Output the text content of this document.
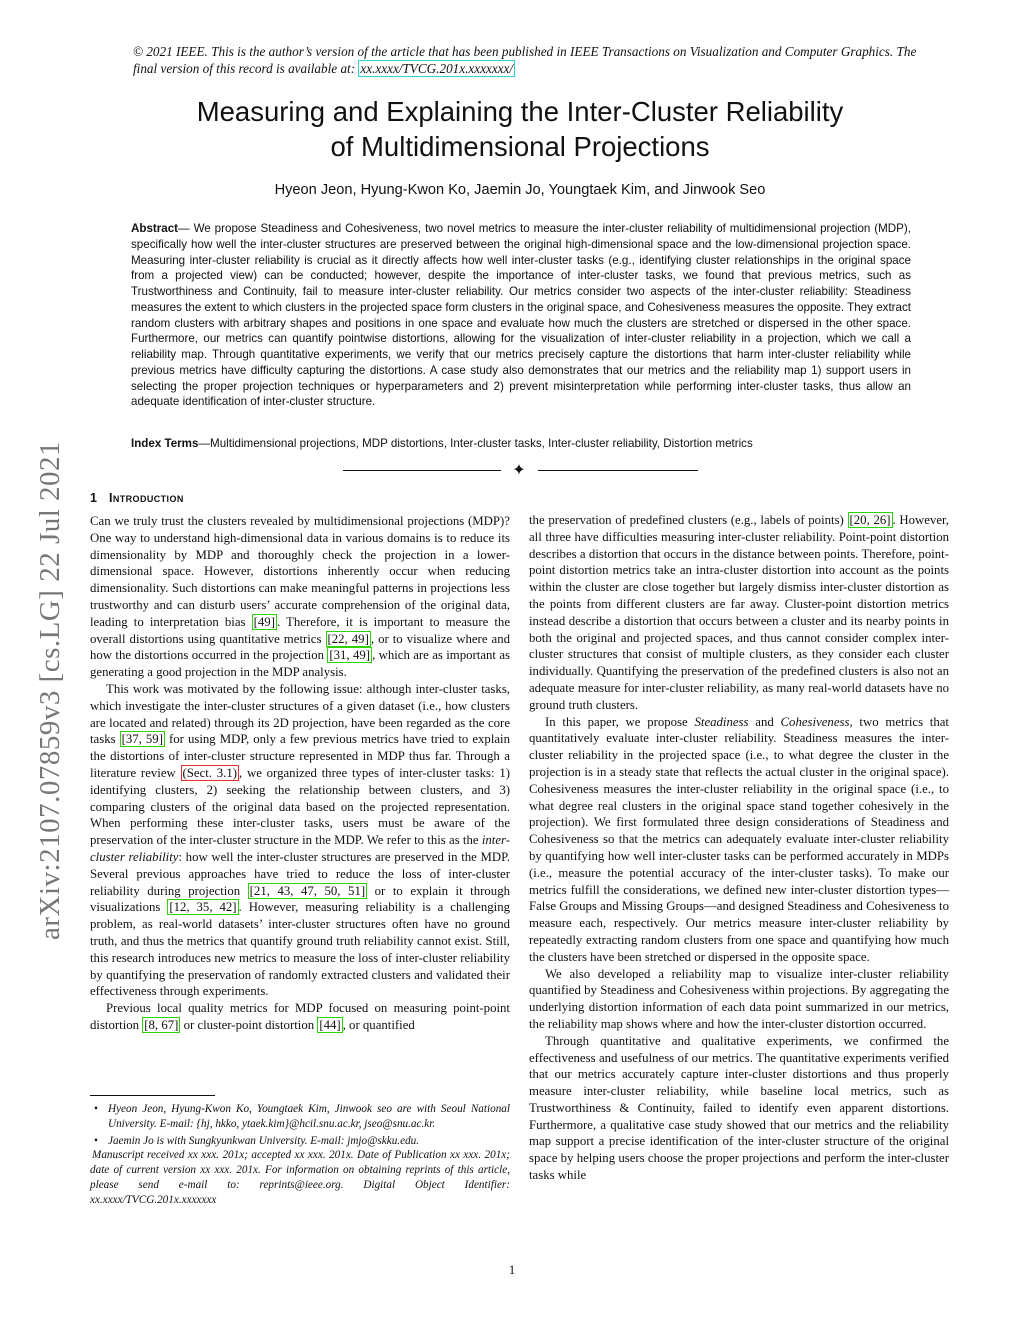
© 2021 IEEE. This is the author’s version of the article that has been published in IEEE Transactions on Visualization and Computer Graphics. The final version of this record is available at: xx.xxxx/TVCG.201x.xxxxxxx/
Measuring and Explaining the Inter-Cluster Reliability
of Multidimensional Projections
Hyeon Jeon, Hyung-Kwon Ko, Jaemin Jo, Youngtaek Kim, and Jinwook Seo
Abstract— We propose Steadiness and Cohesiveness, two novel metrics to measure the inter-cluster reliability of multidimensional projection (MDP), specifically how well the inter-cluster structures are preserved between the original high-dimensional space and the low-dimensional projection space. Measuring inter-cluster reliability is crucial as it directly affects how well inter-cluster tasks (e.g., identifying cluster relationships in the original space from a projected view) can be conducted; however, despite the importance of inter-cluster tasks, we found that previous metrics, such as Trustworthiness and Continuity, fail to measure inter-cluster reliability. Our metrics consider two aspects of the inter-cluster reliability: Steadiness measures the extent to which clusters in the projected space form clusters in the original space, and Cohesiveness measures the opposite. They extract random clusters with arbitrary shapes and positions in one space and evaluate how much the clusters are stretched or dispersed in the other space. Furthermore, our metrics can quantify pointwise distortions, allowing for the visualization of inter-cluster reliability in a projection, which we call a reliability map. Through quantitative experiments, we verify that our metrics precisely capture the distortions that harm inter-cluster reliability while previous metrics have difficulty capturing the distortions. A case study also demonstrates that our metrics and the reliability map 1) support users in selecting the proper projection techniques or hyperparameters and 2) prevent misinterpretation while performing inter-cluster tasks, thus allow an adequate identification of inter-cluster structure.
Index Terms—Multidimensional projections, MDP distortions, Inter-cluster tasks, Inter-cluster reliability, Distortion metrics
✦
arXiv:2107.07859v3 [cs.LG] 22 Jul 2021	1 Introduction

Can we truly trust the clusters revealed by multidimensional projections (MDP)? One way to understand high-dimensional data in various domains is to reduce its dimensionality by MDP and thoroughly check the projection in a lower-dimensional space. However, distortions inherently occur when reducing dimensionality. Such distortions can make meaningful patterns in projections less trustworthy and can disturb users’ accurate comprehension of the original data, leading to interpretation bias [49] . Therefore, it is important to measure the overall distortions using quantitative metrics [22, 49] , or to visualize where and how the distortions occurred in the projection [31, 49] , which are as important as generating a good projection in the MDP analysis.

This work was motivated by the following issue: although inter-cluster tasks, which investigate the inter-cluster structures of a given dataset (i.e., how clusters are located and related) through its 2D projection, have been regarded as the core tasks [37, 59] for using MDP, only a few previous metrics have tried to explain the distortions of inter-cluster structure represented in MDP thus far. Through a literature review (Sect. 3.1) , we organized three types of inter-cluster tasks: 1) identifying clusters, 2) seeking the relationship between clusters, and 3) comparing clusters of the original data based on the projected representation. When performing these inter-cluster tasks, users must be aware of the preservation of the inter-cluster structure in the MDP. We refer to this as the inter-cluster reliability: how well the inter-cluster structures are preserved in the MDP. Several previous approaches have tried to reduce the loss of inter-cluster reliability during projection [21, 43, 47, 50, 51] or to explain it through visualizations [12, 35, 42] . However, measuring reliability is a challenging problem, as real-world datasets’ inter-cluster structures often have no ground truth, and thus the metrics that quantify ground truth reliability cannot exist. Still, this research introduces new metrics to measure the loss of inter-cluster reliability by quantifying the preservation of randomly extracted clusters and validated their effectiveness through experiments.

Previous local quality metrics for MDP focused on measuring point-point distortion [8, 67] or cluster-point distortion [44] , or quantified

• Hyeon Jeon, Hyung-Kwon Ko, Youngtaek Kim, Jinwook seo are with Seoul National University. E-mail: {hj, hkko, ytaek.kim}@hcil.snu.ac.kr, jseo@snu.ac.kr.
• Jaemin Jo is with Sungkyunkwan University. E-mail: jmjo@skku.edu.
Manuscript received xx xxx. 201x; accepted xx xxx. 201x. Date of Publication xx xxx. 201x; date of current version xx xxx. 201x. For information on obtaining reprints of this article, please send e-mail to: reprints@ieee.org. Digital Object Identifier: xx.xxxx/TVCG.201x.xxxxxxx

the preservation of predefined clusters (e.g., labels of points) [20, 26] . However, all three have difficulties measuring inter-cluster reliability. Point-point distortion describes a distortion that occurs in the distance between points. Therefore, point-point distortion metrics take an intra-cluster distortion into account as the points within the cluster are close together but largely dismiss inter-cluster distortion as the points from different clusters are far away. Cluster-point distortion metrics instead describe a distortion that occurs between a cluster and its nearby points in both the original and projected spaces, and thus cannot consider complex inter-cluster structures that consist of multiple clusters, as they consider each cluster individually. Quantifying the preservation of the predefined clusters is also not an adequate measure for inter-cluster reliability, as many real-world datasets have no ground truth clusters.

In this paper, we propose Steadiness and Cohesiveness, two metrics that quantitatively evaluate inter-cluster reliability. Steadiness measures the inter-cluster reliability in the projected space (i.e., to what degree the cluster in the projection is in a steady state that reflects the actual cluster in the original space). Cohesiveness measures the inter-cluster reliability in the original space (i.e., to what degree real clusters in the original space stand together cohesively in the projection). We first formulated three design considerations of Steadiness and Cohesiveness so that the metrics can adequately evaluate inter-cluster reliability by quantifying how well inter-cluster tasks can be performed accurately in MDPs (i.e., measure the potential accuracy of the inter-cluster tasks). To make our metrics fulfill the considerations, we defined new inter-cluster distortion types—False Groups and Missing Groups—and designed Steadiness and Cohesiveness to measure each, respectively. Our metrics measure inter-cluster reliability by repeatedly extracting random clusters from one space and quantifying how much the clusters have been stretched or dispersed in the opposite space.

We also developed a reliability map to visualize inter-cluster reliability quantified by Steadiness and Cohesiveness within projections. By aggregating the underlying distortion information of each data point summarized in our metrics, the reliability map shows where and how the inter-cluster distortion occurred.

Through quantitative and qualitative experiments, we confirmed the effectiveness and usefulness of our metrics. The quantitative experiments verified that our metrics accurately capture inter-cluster distortions and thus properly measure inter-cluster reliability, while baseline local metrics, such as Trustworthiness & Continuity, failed to identify even apparent distortions. Furthermore, a qualitative case study showed that our metrics and the reliability map support a precise identification of the inter-cluster structure of the original space by helping users choose the proper projections and perform the inter-cluster tasks while

1
